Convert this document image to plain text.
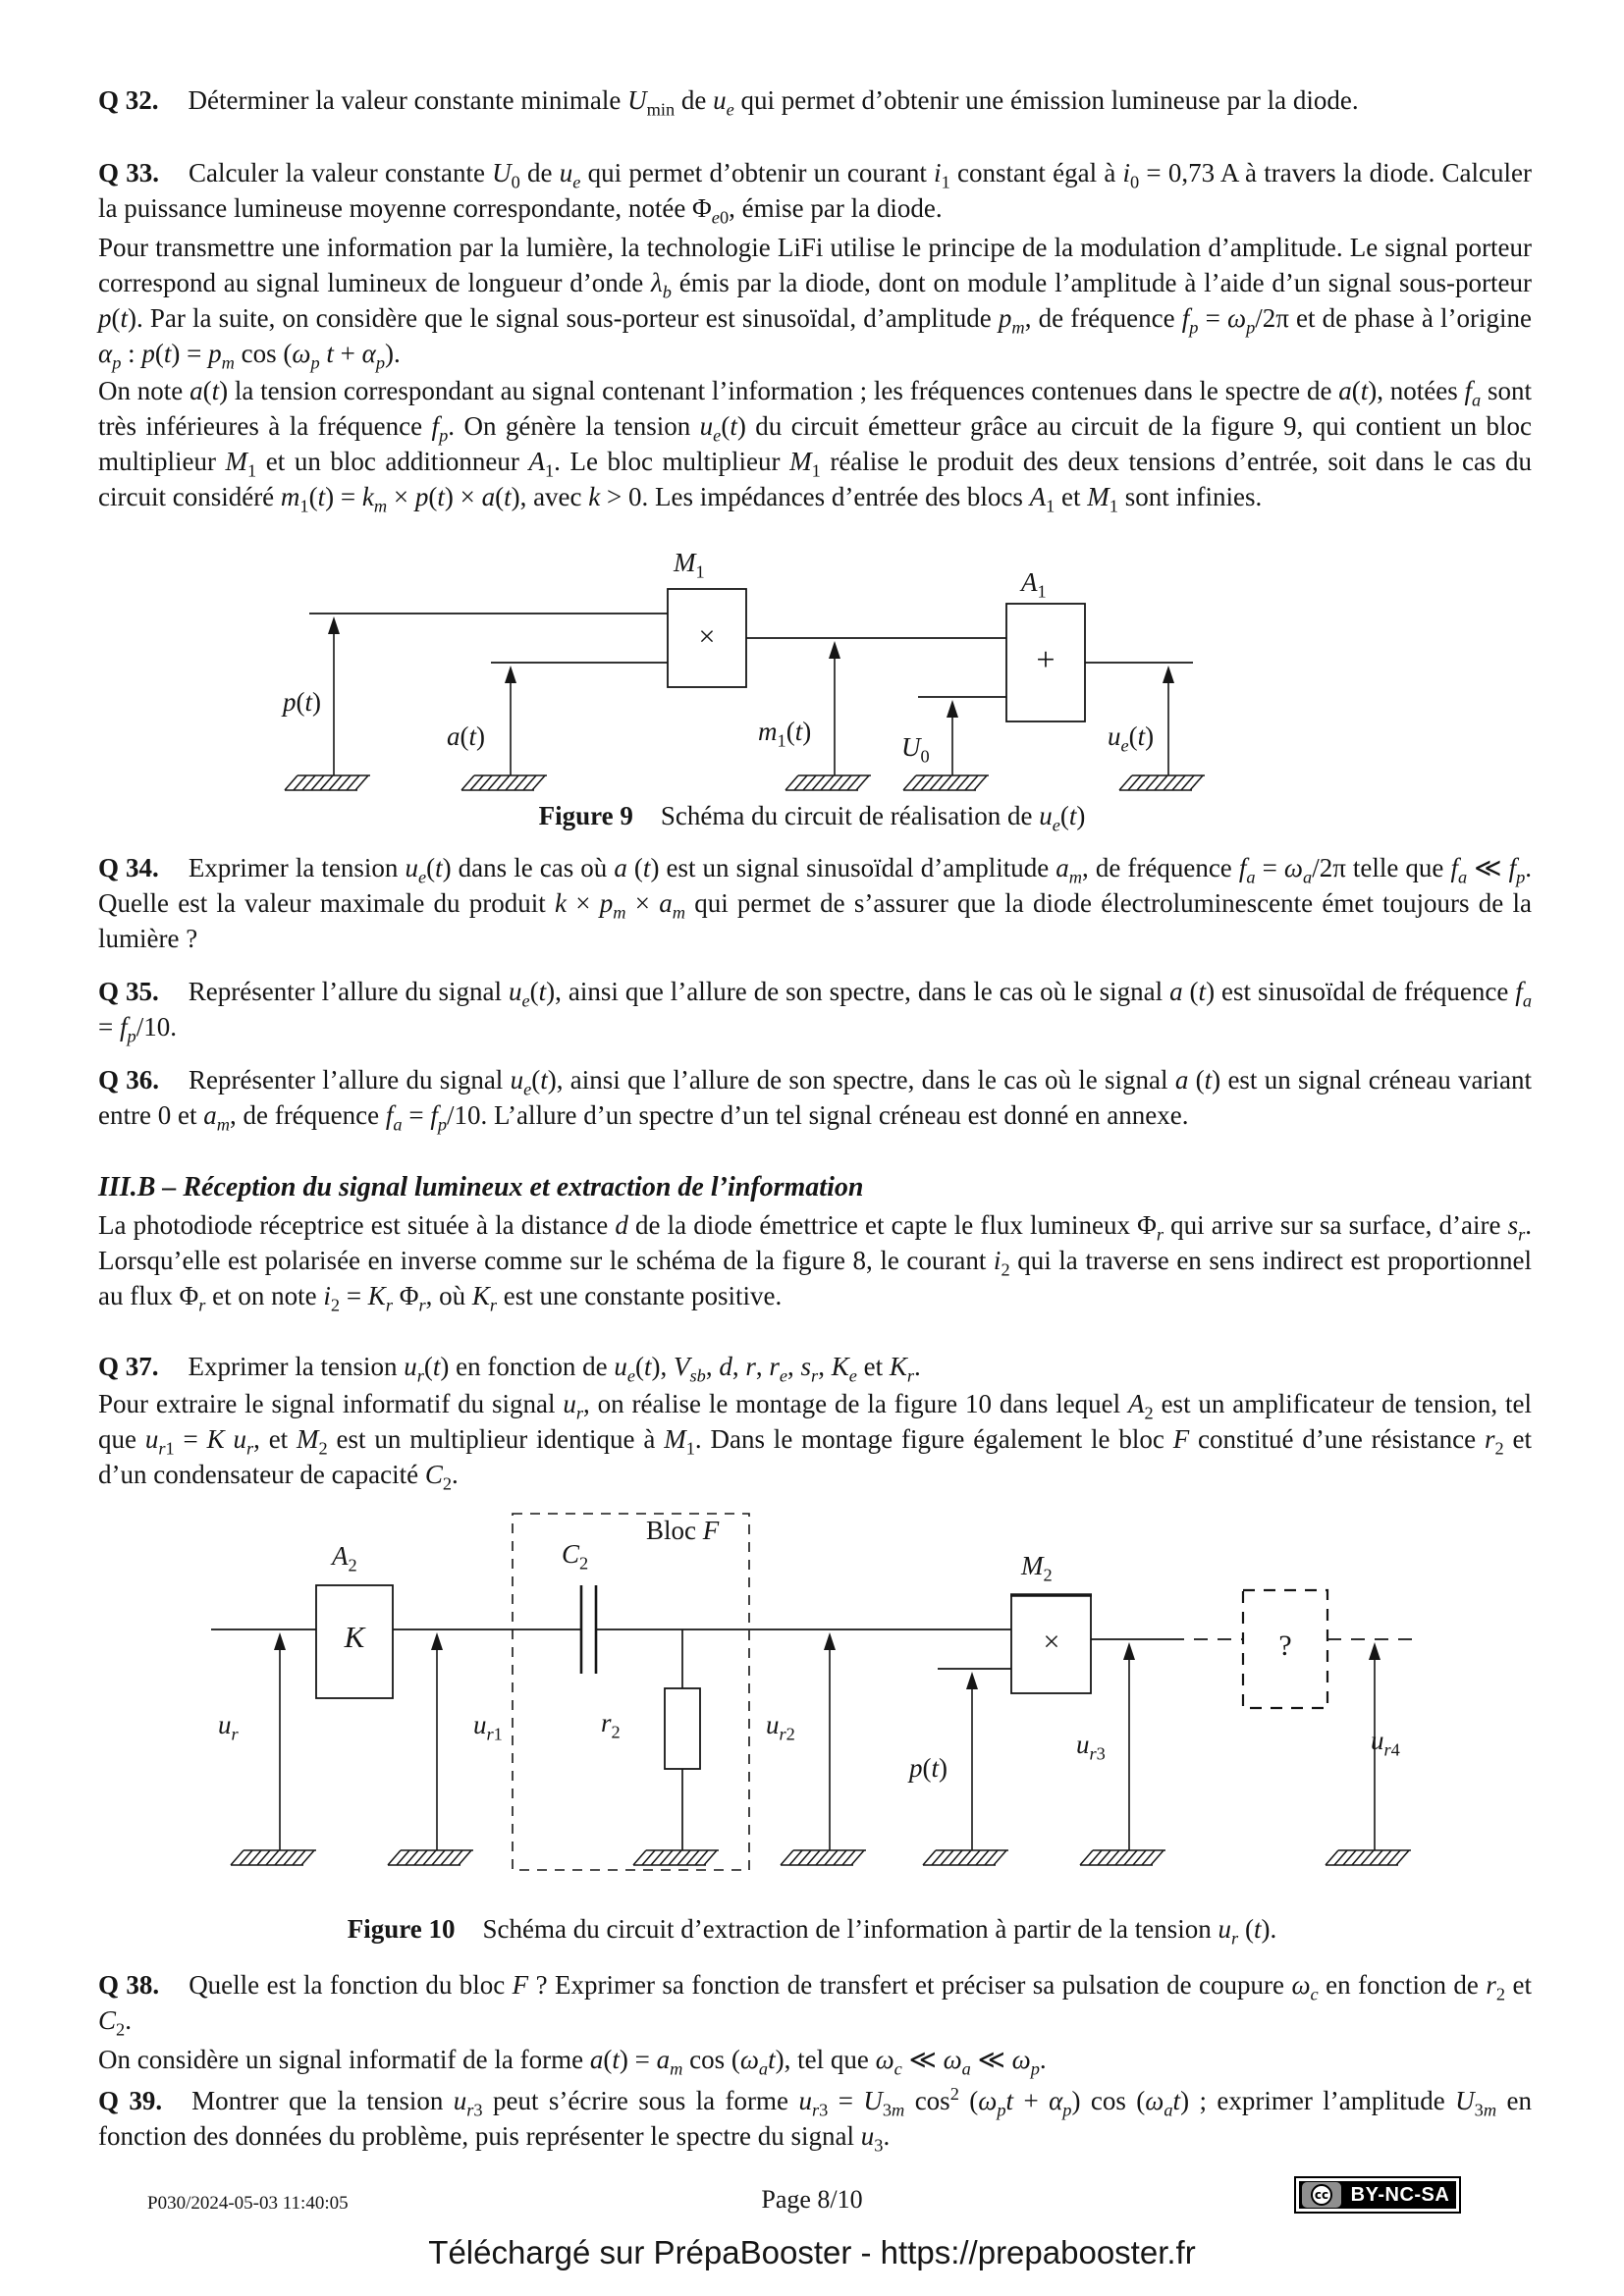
Q 32. Déterminer la valeur constante minimale $U_{min}$ de $u_e$ qui permet d’obtenir une émission lumineuse par la diode.
Q 33. Calculer la valeur constante $U_0$ de $u_e$ qui permet d’obtenir un courant $i_1$ constant égal à $i_0 = 0,73$ A à travers la diode. Calculer la puissance lumineuse moyenne correspondante, notée $\Phi_{e0}$, émise par la diode.
Pour transmettre une information par la lumière, la technologie LiFi utilise le principe de la modulation d’amplitude. Le signal porteur correspond au signal lumineux de longueur d’onde $\lambda_b$ émis par la diode, dont on module l’amplitude à l’aide d’un signal sous-porteur p(t). Par la suite, on considère que le signal sous-porteur est sinusoïdal, d’amplitude $p_m$, de fréquence $f_p = \omega_p/2\pi$ et de phase à l’origine $\alpha_p$ : $p(t) = p_m$ $\cos (\omega_p$ $t + \alpha_p$).
On note a(t) la tension correspondant au signal contenant l’information ; les fréquences contenues dans le spectre de a(t), notées $f_a$ sont très inférieures à la fréquence $f_p$. On génère la tension $u_e(t)$ du circuit émetteur grâce au circuit de la figure 9, qui contient un bloc multiplieur $M_1$ et un bloc additionneur $A_1$. Le bloc multiplieur $M_1$ réalise le produit des deux tensions d’entrée, soit dans le cas du circuit considéré $m_1(t) = k_m \times p(t) \times a(t)$, avec k > 0. Les impédances d’entrée des blocs $A_1$ et $M_1$ sont infinies.
$M_1$	$A_1$
×
+
p(t)
a(t)	$m_1(t)$
$U_0$
$u_e(t)$
Figure 9 Schéma du circuit de réalisation de $u_e(t)$
Q 34. Exprimer la tension $u_e(t)$ dans le cas où a (t) est un signal sinusoïdal d’amplitude $a_m$, de fréquence $f_a = \omega_a/2\pi$ telle que $f_a$ ≪ $f_p$. Quelle est la valeur maximale du produit $k \times p_m \times a_m$ qui permet de s’assurer que la diode électroluminescente émet toujours de la lumière ?
Q 35. Représenter l’allure du signal $u_e(t)$, ainsi que l’allure de son spectre, dans le cas où le signal a (t) est sinusoïdal de fréquence $f_a = f_p/10$.
Q 36. Représenter l’allure du signal $u_e(t)$, ainsi que l’allure de son spectre, dans le cas où le signal a (t) est un signal créneau variant entre 0 et $a_m$, de fréquence $f_a = f_p/10$. L’allure d’un spectre d’un tel signal créneau est donné en annexe.
III.B – Réception du signal lumineux et extraction de l’information
La photodiode réceptrice est située à la distance d de la diode émettrice et capte le flux lumineux $\Phi_r$ qui arrive sur sa surface, d’aire $s_r$. Lorsqu’elle est polarisée en inverse comme sur le schéma de la figure 8, le courant $i_2$ qui la traverse en sens indirect est proportionnel au flux $\Phi_r$ et on note $i_2 = K_r$ $\Phi_r$, où $K_r$ est une constante positive.
Q 37. Exprimer la tension $u_r(t)$ en fonction de $u_e(t)$, $V_{sb}$, d, r, $r_e$, $s_r$, $K_e$ et $K_r$.
Pour extraire le signal informatif du signal $u_r$, on réalise le montage de la figure 10 dans lequel $A_2$ est un amplificateur de tension, tel que $u_{r1} = K$ $u_r$, et $M_2$ est un multiplieur identique à $M_1$. Dans le montage figure également le bloc F constitué d’une résistance $r_2$ et d’un condensateur de capacité $C_2$.
$A_2$
K
Bloc F
$C_2$
$r_2$
$M_2$
×	?
$u_r$	$u_{r1}$	$u_{r2}$
p(t)
$u_{r3}$	$u_{r4}$
Figure 10 Schéma du circuit d’extraction de l’information à partir de la tension $u_r$ (t).
Q 38. Quelle est la fonction du bloc F ? Exprimer sa fonction de transfert et préciser sa pulsation de coupure $\omega_c$ en fonction de $r_2$ et $C_2$.
On considère un signal informatif de la forme $a(t) = a_m$ $\cos (\omega_at)$, tel que $\omega_c$ ≪ $\omega_a$ ≪ $\omega_p$.
Q 39. Montrer que la tension $u_{r3}$ peut s’écrire sous la forme $u_{r3} = U_{3m}$ $\cos^2 (\omega_pt + \alpha_p)$ $\cos (\omega_at)$ ; exprimer l’amplitude $U_{3m}$ en fonction des données du problème, puis représenter le spectre du signal $u_3$.
P030/2024-05-03 11:40:05	Page 8/10	cc	BY-NC-SA
Téléchargé sur PrépaBooster - https://prepabooster.fr
